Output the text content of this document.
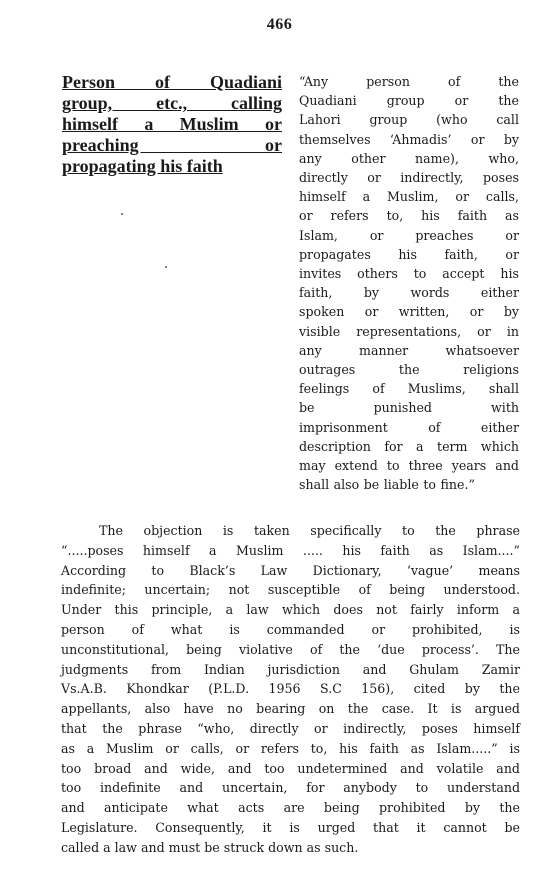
466
Person of Quadiani
group, etc., calling
himself a Muslim or
preaching or
propagating his faith
“Any person of the
Quadiani group or the
Lahori group (who call
themselves ‘Ahmadis’ or by
any other name), who,
directly or indirectly, poses
himself a Muslim, or calls,
or refers to, his faith as
Islam, or preaches or
propagates his faith, or
invites others to accept his
faith, by words either
spoken or written, or by
visible representations, or in
any manner whatsoever
outrages the religions
feelings of Muslims, shall
be punished with
imprisonment of either
description for a term which
may extend to three years and
shall also be liable to fine.”
The objection is taken specifically to the phrase
“.....poses himself a Muslim ..... his faith as Islam....”
According to Black’s Law Dictionary, ‘vague’ means
indefinite; uncertain; not susceptible of being understood.
Under this principle, a law which does not fairly inform a
person of what is commanded or prohibited, is
unconstitutional, being violative of the ‘due process’. The
judgments from Indian jurisdiction and Ghulam Zamir
Vs.A.B. Khondkar (P.L.D. 1956 S.C 156), cited by the
appellants, also have no bearing on the case. It is argued
that the phrase “who, directly or indirectly, poses himself
as a Muslim or calls, or refers to, his faith as Islam.....” is
too broad and wide, and too undetermined and volatile and
too indefinite and uncertain, for anybody to understand
and anticipate what acts are being prohibited by the
Legislature. Consequently, it is urged that it cannot be
called a law and must be struck down as such.
